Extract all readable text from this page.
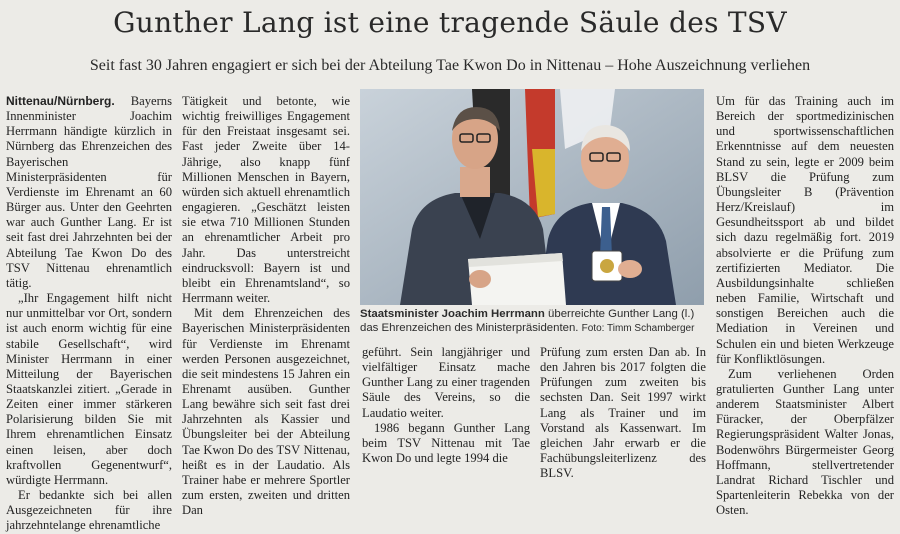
Gunther Lang ist eine tragende Säule des TSV
Seit fast 30 Jahren engagiert er sich bei der Abteilung Tae Kwon Do in Nittenau – Hohe Auszeichnung verliehen

Nittenau/Nürnberg. Bayerns Innenminister Joachim Herrmann händigte kürzlich in Nürnberg das Ehrenzeichen des Bayerischen Ministerpräsidenten für Verdienste im Ehrenamt an 60 Bürger aus. Unter den Geehrten war auch Gunther Lang. Er ist seit fast drei Jahrzehnten bei der Abteilung Tae Kwon Do des TSV Nittenau ehrenamtlich tätig.

„Ihr Engagement hilft nicht nur unmittelbar vor Ort, sondern ist auch enorm wichtig für eine stabile Gesellschaft“, wird Minister Herrmann in einer Mitteilung der Bayerischen Staatskanzlei zitiert. „Gerade in Zeiten einer immer stärkeren Polarisierung bilden Sie mit Ihrem ehrenamtlichen Einsatz einen leisen, aber doch kraftvollen Gegenentwurf“, würdigte Herrmann.

Er bedankte sich bei allen Ausgezeichneten für ihre jahrzehntelange ehrenamtliche

Tätigkeit und betonte, wie wichtig freiwilliges Engagement für den Freistaat insgesamt sei. Fast jeder Zweite über 14-Jährige, also knapp fünf Millionen Menschen in Bayern, würden sich aktuell ehrenamtlich engagieren. „Geschätzt leisten sie etwa 710 Millionen Stunden an ehrenamtlicher Arbeit pro Jahr. Das unterstreicht eindrucksvoll: Bayern ist und bleibt ein Ehrenamtsland“, so Herrmann weiter.

Mit dem Ehrenzeichen des Bayerischen Ministerpräsidenten für Verdienste im Ehrenamt werden Personen ausgezeichnet, die seit mindestens 15 Jahren ein Ehrenamt ausüben. Gunther Lang bewähre sich seit fast drei Jahrzehnten als Kassier und Übungsleiter bei der Abteilung Tae Kwon Do des TSV Nittenau, heißt es in der Laudatio. Als Trainer habe er mehrere Sportler zum ersten, zweiten und dritten Dan

Staatsminister Joachim Herrmann überreichte Gunther Lang (l.) das Ehrenzeichen des Ministerpräsidenten. Foto: Timm Schamberger

geführt. Sein langjähriger und vielfältiger Einsatz mache Gunther Lang zu einer tragenden Säule des Vereins, so die Laudatio weiter.

1986 begann Gunther Lang beim TSV Nittenau mit Tae Kwon Do und legte 1994 die

Prüfung zum ersten Dan ab. In den Jahren bis 2017 folgten die Prüfungen zum zweiten bis sechsten Dan. Seit 1997 wirkt Lang als Trainer und im Vorstand als Kassenwart. Im gleichen Jahr erwarb er die Fachübungsleiterlizenz des BLSV.

Um für das Training auch im Bereich der sportmedizinischen und sportwissenschaftlichen Erkenntnisse auf dem neuesten Stand zu sein, legte er 2009 beim BLSV die Prüfung zum Übungsleiter B (Prävention Herz/Kreislauf) im Gesundheitssport ab und bildet sich dazu regelmäßig fort. 2019 absolvierte er die Prüfung zum zertifizierten Mediator. Die Ausbildungsinhalte schließen neben Familie, Wirtschaft und sonstigen Bereichen auch die Mediation in Vereinen und Schulen ein und bieten Werkzeuge für Konfliktlösungen.

Zum verliehenen Orden gratulierten Gunther Lang unter anderem Staatsminister Albert Füracker, der Oberpfälzer Regierungspräsident Walter Jonas, Bodenwöhrs Bürgermeister Georg Hoffmann, stellvertretender Landrat Richard Tischler und Spartenleiterin Rebekka von der Osten.
